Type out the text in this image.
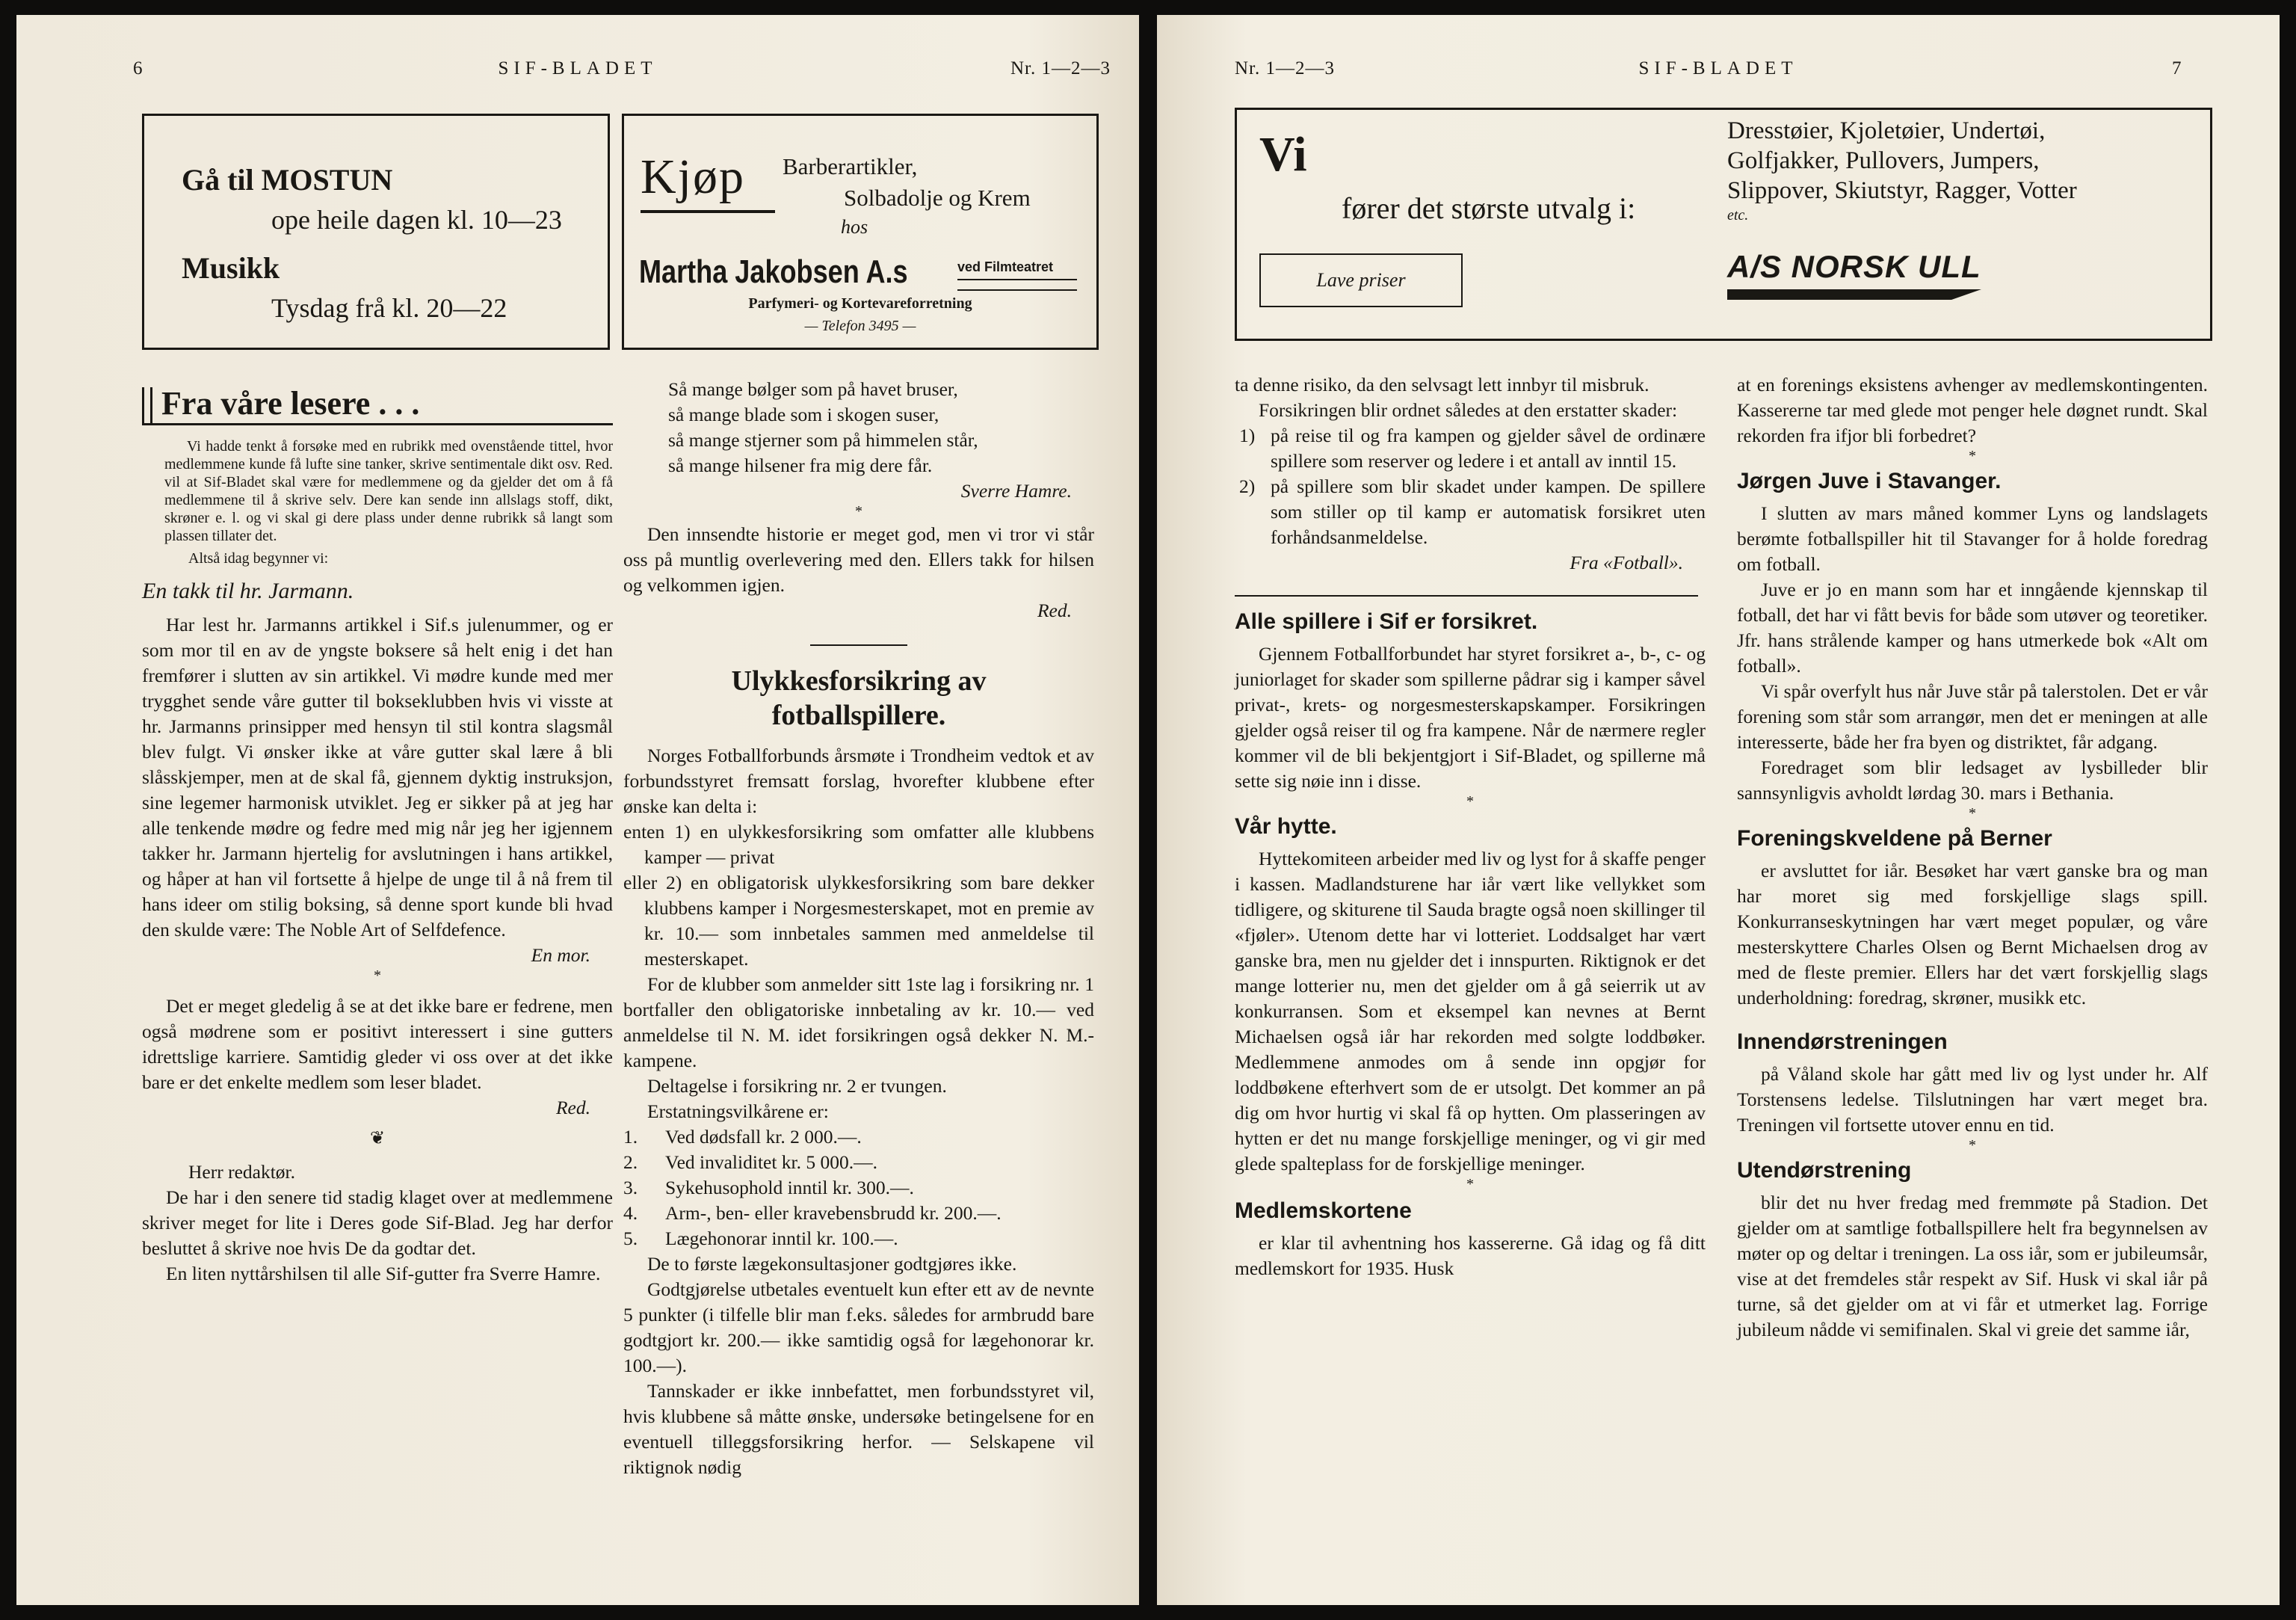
6	SIF-BLADET	Nr. 1—2—3
Gå til MOSTUN
ope heile dagen kl. 10—23
Musikk
Tysdag frå kl. 20—22
Kjøp Barberartikler,
Solbadolje og Krem
hos
Martha Jakobsen A.s	ved Filmteatret
Parfymeri- og Kortevareforretning
— Telefon 3495 —
Fra våre lesere . . .

Vi hadde tenkt å forsøke med en rubrikk med ovenstående tittel, hvor medlemmene kunde få lufte sine tanker, skrive sentimentale dikt osv. Red. vil at Sif-Bladet skal være for medlemmene og da gjelder det om å få medlemmene til å skrive selv. Dere kan sende inn allslags stoff, dikt, skrøner e. l. og vi skal gi dere plass under denne rubrikk så langt som plassen tillater det.

Altså idag begynner vi:

En takk til hr. Jarmann.

Har lest hr. Jarmanns artikkel i Sif.s julenummer, og er som mor til en av de yngste boksere så helt enig i det han fremfører i slutten av sin artikkel. Vi mødre kunde med mer trygghet sende våre gutter til bokseklubben hvis vi visste at hr. Jarmanns prinsipper med hensyn til stil kontra slagsmål blev fulgt. Vi ønsker ikke at våre gutter skal lære å bli slåsskjemper, men at de skal få, gjennem dyktig instruksjon, sine legemer harmonisk utviklet. Jeg er sikker på at jeg har alle tenkende mødre og fedre med mig når jeg her igjennem takker hr. Jarmann hjertelig for avslutningen i hans artikkel, og håper at han vil fortsette å hjelpe de unge til å nå frem til hans ideer om stilig boksing, så denne sport kunde bli hvad den skulde være: The Noble Art of Selfdefence.

En mor.

*

Det er meget gledelig å se at det ikke bare er fedrene, men også mødrene som er positivt interessert i sine gutters idrettslige karriere. Samtidig gleder vi oss over at det ikke bare er det enkelte medlem som leser bladet.

Red.

❦

Herr redaktør.

De har i den senere tid stadig klaget over at medlemmene skriver meget for lite i Deres gode Sif-Blad. Jeg har derfor besluttet å skrive noe hvis De da godtar det.

En liten nyttårshilsen til alle Sif-gutter fra Sverre Hamre.

Så mange bølger som på havet bruser,
så mange blade som i skogen suser,
så mange stjerner som på himmelen står,
så mange hilsener fra mig dere får.

Sverre Hamre.

*

Den innsendte historie er meget god, men vi tror vi står oss på muntlig overlevering med den. Ellers takk for hilsen og velkommen igjen.

Red.

Ulykkesforsikring av
fotballspillere.

Norges Fotballforbunds årsmøte i Trondheim vedtok et av forbundsstyret fremsatt forslag, hvorefter klubbene efter ønske kan delta i:

enten 1) en ulykkesforsikring som omfatter alle klubbens kamper — privat

eller 2) en obligatorisk ulykkesforsikring som bare dekker klubbens kamper i Norgesmesterskapet, mot en premie av kr. 10.— som innbetales sammen med anmeldelse til mesterskapet.

For de klubber som anmelder sitt 1ste lag i forsikring nr. 1 bortfaller den obligatoriske innbetaling av kr. 10.— ved anmeldelse til N. M. idet forsikringen også dekker N. M.-kampene.

Deltagelse i forsikring nr. 2 er tvungen.

Erstatningsvilkårene er:

1.	Ved dødsfall kr. 2 000.—.
2.	Ved invaliditet kr. 5 000.—.
3.	Sykehusophold inntil kr. 300.—.
4.	Arm-, ben- eller kravebensbrudd kr. 200.—.
5.	Lægehonorar inntil kr. 100.—.

De to første lægekonsultasjoner godtgjøres ikke.

Godtgjørelse utbetales eventuelt kun efter ett av de nevnte 5 punkter (i tilfelle blir man f.eks. således for armbrudd bare godtgjort kr. 200.— ikke samtidig også for lægehonorar kr. 100.—).

Tannskader er ikke innbefattet, men forbundsstyret vil, hvis klubbene så måtte ønske, undersøke betingelsene for en eventuell tilleggsforsikring herfor. — Selskapene vil riktignok nødig

Nr. 1—2—3	SIF-BLADET	7
Vi
fører det største utvalg i:
Lave priser
Dresstøier, Kjoletøier, Undertøi,
Golfjakker, Pullovers, Jumpers,
Slippover, Skiutstyr, Ragger, Votter
etc.
A/S NORSK ULL

ta denne risiko, da den selvsagt lett innbyr til misbruk.

Forsikringen blir ordnet således at den erstatter skader:

1) på reise til og fra kampen og gjelder såvel de ordinære spillere som reserver og ledere i et antall av inntil 15.
2) på spillere som blir skadet under kampen. De spillere som stiller op til kamp er automatisk forsikret uten forhåndsanmeldelse.

Fra «Fotball».

Alle spillere i Sif er forsikret.

Gjennem Fotballforbundet har styret forsikret a-, b-, c- og juniorlaget for skader som spillerne pådrar sig i kamper såvel privat-, krets- og norgesmesterskapskamper. Forsikringen gjelder også reiser til og fra kampene. Når de nærmere regler kommer vil de bli bekjentgjort i Sif-Bladet, og spillerne må sette sig nøie inn i disse.

*
Vår hytte.

Hyttekomiteen arbeider med liv og lyst for å skaffe penger i kassen. Madlandsturene har iår vært like vellykket som tidligere, og skiturene til Sauda bragte også noen skillinger til «fjøler». Utenom dette har vi lotteriet. Loddsalget har vært ganske bra, men nu gjelder det i innspurten. Riktignok er det mange lotterier nu, men det gjelder om å gå seierrik ut av konkurransen. Som et eksempel kan nevnes at Bernt Michaelsen også iår har rekorden med solgte loddbøker. Medlemmene anmodes om å sende inn opgjør for loddbøkene efterhvert som de er utsolgt. Det kommer an på dig om hvor hurtig vi skal få op hytten. Om plasseringen av hytten er det nu mange forskjellige meninger, og vi gir med glede spalteplass for de forskjellige meninger.

*
Medlemskortene

er klar til avhentning hos kassererne. Gå idag og få ditt medlemskort for 1935. Husk

at en forenings eksistens avhenger av medlemskontingenten. Kassererne tar med glede mot penger hele døgnet rundt. Skal rekorden fra ifjor bli forbedret?

*
Jørgen Juve i Stavanger.

I slutten av mars måned kommer Lyns og landslagets berømte fotballspiller hit til Stavanger for å holde foredrag om fotball.

Juve er jo en mann som har et inngående kjennskap til fotball, det har vi fått bevis for både som utøver og teoretiker. Jfr. hans strålende kamper og hans utmerkede bok «Alt om fotball».

Vi spår overfylt hus når Juve står på talerstolen. Det er vår forening som står som arrangør, men det er meningen at alle interesserte, både her fra byen og distriktet, får adgang.

Foredraget som blir ledsaget av lysbilleder blir sannsynligvis avholdt lørdag 30. mars i Bethania.

*
Foreningskveldene på Berner

er avsluttet for iår. Besøket har vært ganske bra og man har moret sig med forskjellige slags spill. Konkurranseskytningen har vært meget populær, og våre mesterskyttere Charles Olsen og Bernt Michaelsen drog av med de fleste premier. Ellers har det vært forskjellig slags underholdning: foredrag, skrøner, musikk etc.

Innendørstreningen

på Våland skole har gått med liv og lyst under hr. Alf Torstensens ledelse. Tilslutningen har vært meget bra. Treningen vil fortsette utover ennu en tid.

*
Utendørstrening

blir det nu hver fredag med fremmøte på Stadion. Det gjelder om at samtlige fotballspillere helt fra begynnelsen av møter op og deltar i treningen. La oss iår, som er jubileumsår, vise at det fremdeles står respekt av Sif. Husk vi skal iår på turne, så det gjelder om at vi får et utmerket lag. Forrige jubileum nådde vi semifinalen. Skal vi greie det samme iår,
